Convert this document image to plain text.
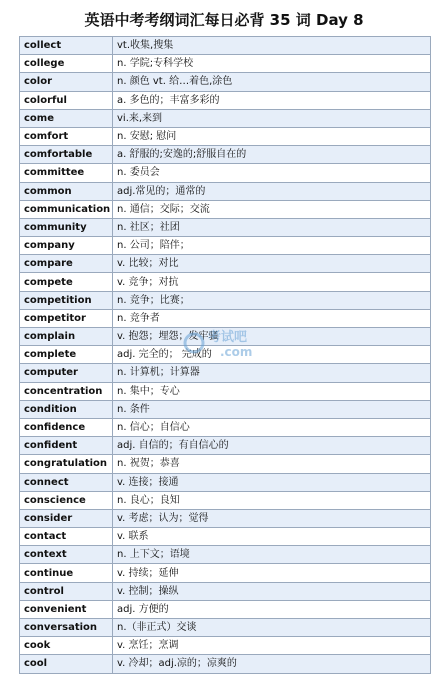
英语中考考纲词汇每日必背 35 词 Day 8
collect	vt.收集,搜集
college	n. 学院;专科学校
color	n. 颜色 vt. 给…着色,涂色
colorful	a. 多色的；丰富多彩的
come	vi.来,来到
comfort	n. 安慰; 慰问
comfortable	a. 舒服的;安逸的;舒服自在的
committee	n. 委员会
common	adj.常见的；通常的
communication	n. 通信；交际；交流
community	n. 社区；社团
company	n. 公司；陪伴；
compare	v. 比较；对比
compete	v. 竞争；对抗
competition	n. 竞争；比赛；
competitor	n. 竞争者
complain	v. 抱怨；埋怨；发牢骚
complete	adj. 完全的； 完成的
computer	n. 计算机；计算器
concentration	n. 集中；专心
condition	n. 条件
confidence	n. 信心；自信心
confident	adj. 自信的；有自信心的
congratulation	n. 祝贺；恭喜
connect	v. 连接；接通
conscience	n. 良心；良知
consider	v. 考虑；认为；觉得
contact	v. 联系
context	n. 上下文；语境
continue	v. 持续；延伸
control	v. 控制；操纵
convenient	adj. 方便的
conversation	n.（非正式）交谈
cook	v. 烹饪；烹调
cool	v. 冷却；adj.凉的；凉爽的
考试吧
.com
